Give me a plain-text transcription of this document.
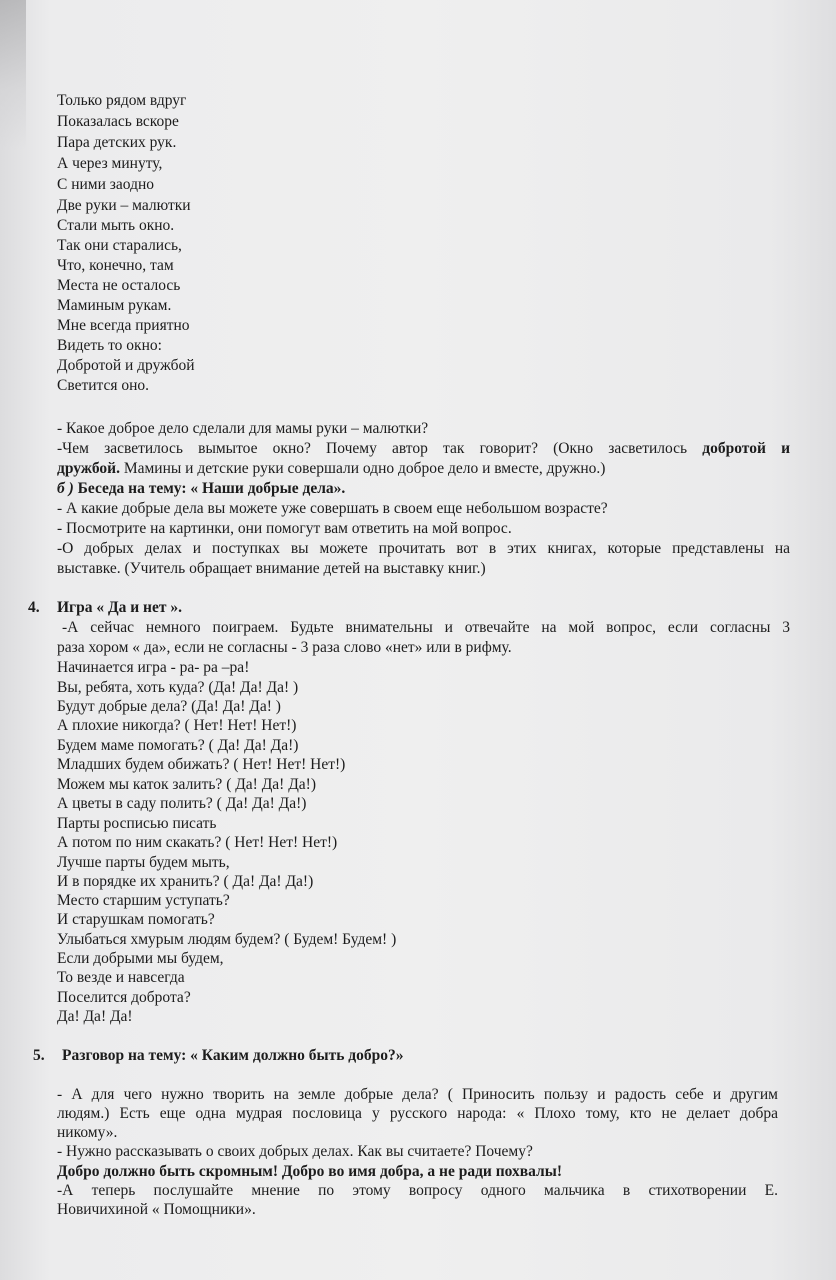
Только рядом вдруг
Показалась вскоре
Пара детских рук.
А через минуту,
С ними заодно
Две руки – малютки
Стали мыть окно.
Так они старались,
Что, конечно, там
Места не осталось
Маминым рукам.
Мне всегда приятно
Видеть то окно:
Добротой и дружбой
Светится оно.
- Какое доброе дело сделали для мамы руки – малютки?
-Чем засветилось вымытое окно? Почему автор так говорит? (Окно засветилось добротой и
дружбой. Мамины и детские руки совершали одно доброе дело и вместе, дружно.)
б ) Беседа на тему: « Наши добрые дела».
- А какие добрые дела вы можете уже совершать в своем еще небольшом возрасте?
- Посмотрите на картинки, они помогут вам ответить на мой вопрос.
-О добрых делах и поступках вы можете прочитать вот в этих книгах, которые представлены на
выставке. (Учитель обращает внимание детей на выставку книг.)
4. Игра « Да и нет ».
-А сейчас немного поиграем. Будьте внимательны и отвечайте на мой вопрос, если согласны 3
раза хором « да», если не согласны - 3 раза слово «нет» или в рифму.
Начинается игра - ра- ра –ра!
Вы, ребята, хоть куда? (Да! Да! Да! )
Будут добрые дела? (Да! Да! Да! )
А плохие никогда? ( Нет! Нет! Нет!)
Будем маме помогать? ( Да! Да! Да!)
Младших будем обижать? ( Нет! Нет! Нет!)
Можем мы каток залить? ( Да! Да! Да!)
А цветы в саду полить? ( Да! Да! Да!)
Парты росписью писать
А потом по ним скакать? ( Нет! Нет! Нет!)
Лучше парты будем мыть,
И в порядке их хранить? ( Да! Да! Да!)
Место старшим уступать?
И старушкам помогать?
Улыбаться хмурым людям будем? ( Будем! Будем! )
Если добрыми мы будем,
То везде и навсегда
Поселится доброта?
Да! Да! Да!
5. Разговор на тему: « Каким должно быть добро?»
- А для чего нужно творить на земле добрые дела? ( Приносить пользу и радость себе и другим
людям.) Есть еще одна мудрая пословица у русского народа: « Плохо тому, кто не делает добра
никому».
- Нужно рассказывать о своих добрых делах. Как вы считаете? Почему?
Добро должно быть скромным! Добро во имя добра, а не ради похвалы!
-А теперь послушайте мнение по этому вопросу одного мальчика в стихотворении Е.
Новичихиной « Помощники».
